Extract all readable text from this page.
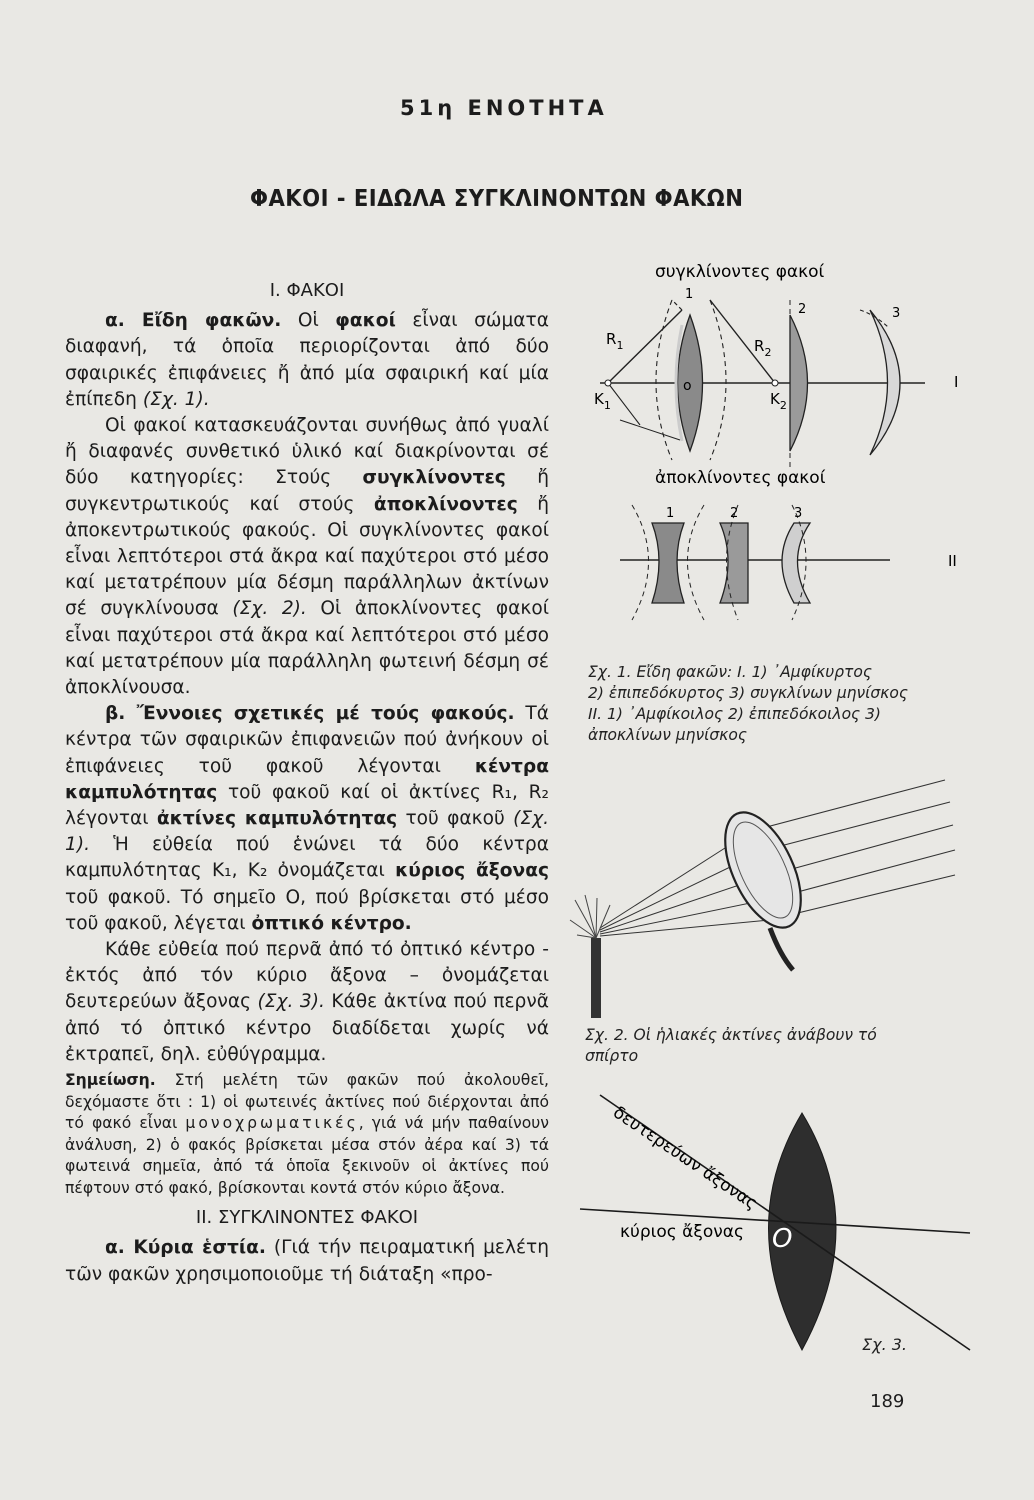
51η ΕΝΟΤΗΤΑ
ΦΑΚΟΙ - ΕΙΔΩΛΑ ΣΥΓΚΛΙΝΟΝΤΩΝ ΦΑΚΩΝ

Ι. ΦΑΚΟΙ

α. Εἴδη φακῶν. Οἱ φακοί εἶναι σώματα διαφανή, τά ὁποῖα περιορίζονται ἀπό δύο σφαιρικές ἐπιφάνειες ἤ ἀπό μία σφαιρική καί μία ἐπίπεδη (Σχ. 1).

Οἱ φακοί κατασκευάζονται συνήθως ἀπό γυαλί ἤ διαφανές συνθετικό ὑλικό καί διακρίνονται σέ δύο κατηγορίες: Στούς συγκλίνοντες ἤ συγκεντρωτικούς καί στούς ἀποκλίνοντες ἤ ἀποκεντρωτικούς φακούς. Οἱ συγκλίνοντες φακοί εἶναι λεπτότεροι στά ἄκρα καί παχύτεροι στό μέσο καί μετατρέπουν μία δέσμη παράλληλων ἀκτίνων σέ συγκλίνουσα (Σχ. 2). Οἱ ἀποκλίνοντες φακοί εἶναι παχύτεροι στά ἄκρα καί λεπτότεροι στό μέσο καί μετατρέπουν μία παράλληλη φωτεινή δέσμη σέ ἀποκλίνουσα.

β. Ἔννοιες σχετικές μέ τούς φακούς. Τά κέντρα τῶν σφαιρικῶν ἐπιφανειῶν πού ἀνήκουν οἱ ἐπιφάνειες τοῦ φακοῦ λέγονται κέντρα καμπυλότητας τοῦ φακοῦ καί οἱ ἀκτίνες R₁, R₂ λέγονται ἀκτίνες καμπυλότητας τοῦ φακοῦ (Σχ. 1). Ἡ εὐθεία πού ἑνώνει τά δύο κέντρα καμπυλότητας Κ₁, Κ₂ ὀνομάζεται κύριος ἄξονας τοῦ φακοῦ. Τό σημεῖο Ο, πού βρίσκεται στό μέσο τοῦ φακοῦ, λέγεται ὀπτικό κέντρο.

Κάθε εὐθεία πού περνᾶ ἀπό τό ὀπτικό κέντρο - ἐκτός ἀπό τόν κύριο ἄξονα – ὀνομάζεται δευτερεύων ἄξονας (Σχ. 3). Κάθε ἀκτίνα πού περνᾶ ἀπό τό ὀπτικό κέντρο διαδίδεται χωρίς νά ἐκτραπεῖ, δηλ. εὐθύγραμμα.

Σημείωση. Στή μελέτη τῶν φακῶν πού ἀκολουθεῖ, δεχόμαστε ὅτι : 1) οἱ φωτεινές ἀκτίνες πού διέρχονται ἀπό τό φακό εἶναι μονοχρωματικές, γιά νά μήν παθαίνουν ἀνάλυση, 2) ὁ φακός βρίσκεται μέσα στόν ἀέρα καί 3) τά φωτεινά σημεῖα, ἀπό τά ὁποῖα ξεκινοῦν οἱ ἀκτίνες πού πέφτουν στό φακό, βρίσκονται κοντά στόν κύριο ἄξονα.

ΙΙ. ΣΥΓΚΛΙΝΟΝΤΕΣ ΦΑΚΟΙ

α. Κύρια ἑστία. (Γιά τήν πειραματική μελέτη τῶν φακῶν χρησιμοποιοῦμε τή διάταξη «προ-

συγκλίνοντες φακοί
$R_1$	$R_2$
$K_1$	$K_2$
o
1
2	3
I
ἀποκλίνοντες φακοί
1	2	3
II
Σχ. 1. Εἴδη φακῶν: I. 1) ᾿Αμφίκυρτος
2) ἐπιπεδόκυρτος 3) συγκλίνων μηνίσκος
II. 1) ᾿Αμφίκοιλος 2) ἐπιπεδόκοιλος 3)
ἀποκλίνων μηνίσκος
Σχ. 2. Οἱ ἡλιακές ἀκτίνες ἀνάβουν τό σπίρτο
O
κύριος ἄξονας
δευτερεύων ἄξονας
Σχ. 3.
189
